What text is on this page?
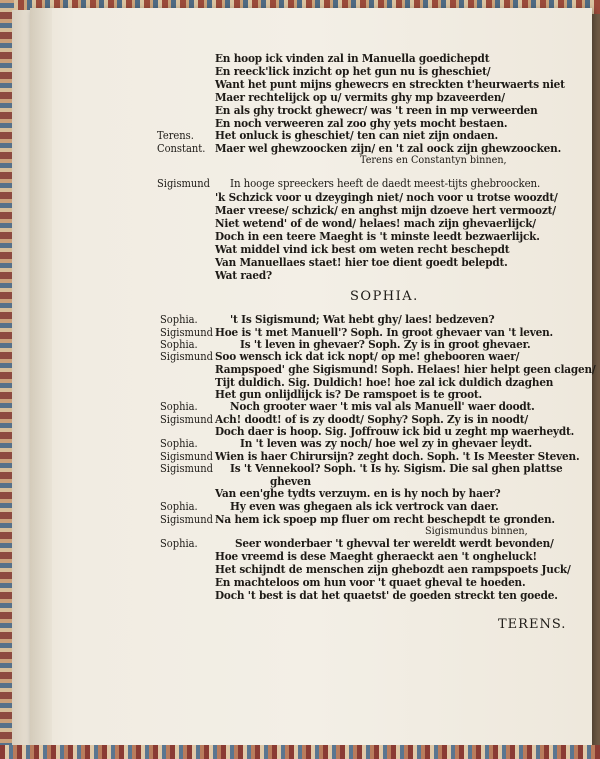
En hoop ick vinden zal in Manuella goedichepdt
En reeck'lick inzicht op het gun nu is gheschiet/
Want het punt mijns ghewecrs en streckten t'heurwaerts niet
Maer rechtelijck op u/ vermits ghy mp bzaveerden/
En als ghy trockt ghewecr/ was 't reen in mp verweerden
En noch verweeren zal zoo ghy yets mocht bestaen.
Terens. Het onluck is gheschiet/ ten can niet zijn ondaen.
Constant. Maer wel ghewzoocken zijn/ en 't zal oock zijn ghewzoocken.
Terens en Constantyn binnen,
Sigismund In hooge spreeckers heeft de daedt meest-tijts ghebroocken.
'k Schzick voor u dzeygingh niet/ noch voor u trotse woozdt/
Maer vreese/ schzick/ en anghst mijn dzoeve hert vermoozt/
Niet wetend' of de wond/ helaes! mach zijn ghevaerlijck/
Doch in een teere Maeght is 't minste leedt bezwaerlijck.
Wat middel vind ick best om weten recht beschepdt
Van Manuellaes staet! hier toe dient goedt belepdt.
Wat raed?
SOPHIA.
Sophia.
Sigismund
Sophia.
Sigismund
Sophia.
Sigismund
Sophia.
Sigismund
Sigismund
Sophia.
Sigismund
Sophia.
't Is Sigismund; Wat hebt ghy/ laes! bedzeven?
Hoe is 't met Manuell'? Soph. In groot ghevaer van 't leven.
Is 't leven in ghevaer? Soph. Zy is in groot ghevaer.
Soo wensch ick dat ick nopt/ op me! ghebooren waer/
Rampspoed' ghe Sigismund! Soph. Helaes! hier helpt geen clagen/
Tijt duldich. Sig. Duldich! hoe! hoe zal ick duldich dzaghen
Het gun onlijdlijck is? De ramspoet is te groot.
Noch grooter waer 't mis val als Manuell' waer doodt.
Ach! doodt! of is zy doodt/ Sophy? Soph. Zy is in noodt/
Doch daer is hoop. Sig. Joffrouw ick bid u zeght mp waerheydt.
In 't leven was zy noch/ hoe wel zy in ghevaer leydt.
Wien is haer Chirursijn? zeght doch. Soph. 't Is Meester Steven.
Is 't Vennekool? Soph. 't Is hy. Sigism. Die sal ghen plattse
gheven
Van een'ghe tydts verzuym. en is hy noch by haer?
Hy even was ghegaen als ick vertrock van daer.
Na hem ick spoep mp fluer om recht beschepdt te gronden.
Sigismundus binnen,
Seer wonderbaer 't ghevval ter wereldt werdt bevonden/
Hoe vreemd is dese Maeght gheraeckt aen 't ongheluck!
Het schijndt de menschen zijn ghebozdt aen rampspoets Juck/
En machteloos om hun voor 't quaet gheval te hoeden.
Doch 't best is dat het quaetst' de goeden streckt ten goede.
TERENS.
